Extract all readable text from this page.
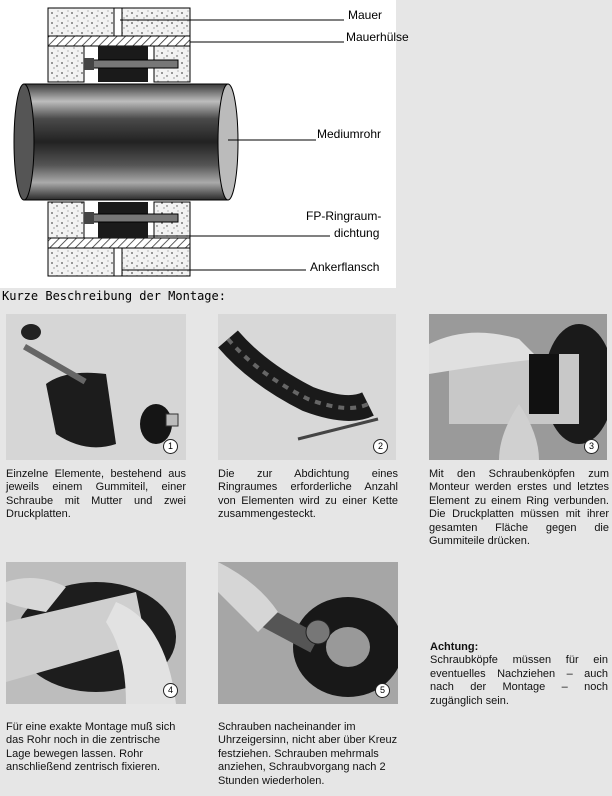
Mauer
Mauerhülse
Mediumrohr
FP-Ringraum-
dichtung
Ankerflansch
Kurze Beschreibung der Montage:
1	2	3
Einzelne Elemente, bestehend aus jeweils einem Gummiteil, einer Schraube mit Mutter und zwei Druckplatten.
Die zur Abdichtung eines Ringraumes erforderliche Anzahl von Elementen wird zu einer Kette zusammengesteckt.
Mit den Schraubenköpfen zum Monteur werden erstes und letztes Element zu einem Ring verbunden. Die Druckplatten müssen mit ihrer gesamten Fläche gegen die Gummiteile drücken.
4	5
Für eine exakte Montage muß sich das Rohr noch in die zentrische Lage bewegen lassen. Rohr anschließend zentrisch fixieren.
Schrauben nacheinander im Uhrzeigersinn, nicht aber über Kreuz festziehen. Schrauben mehrmals anziehen, Schraubvorgang nach 2 Stunden wiederholen.
Achtung:
Schraubköpfe müssen für ein eventuelles Nachziehen – auch nach der Montage – noch zugänglich sein.
